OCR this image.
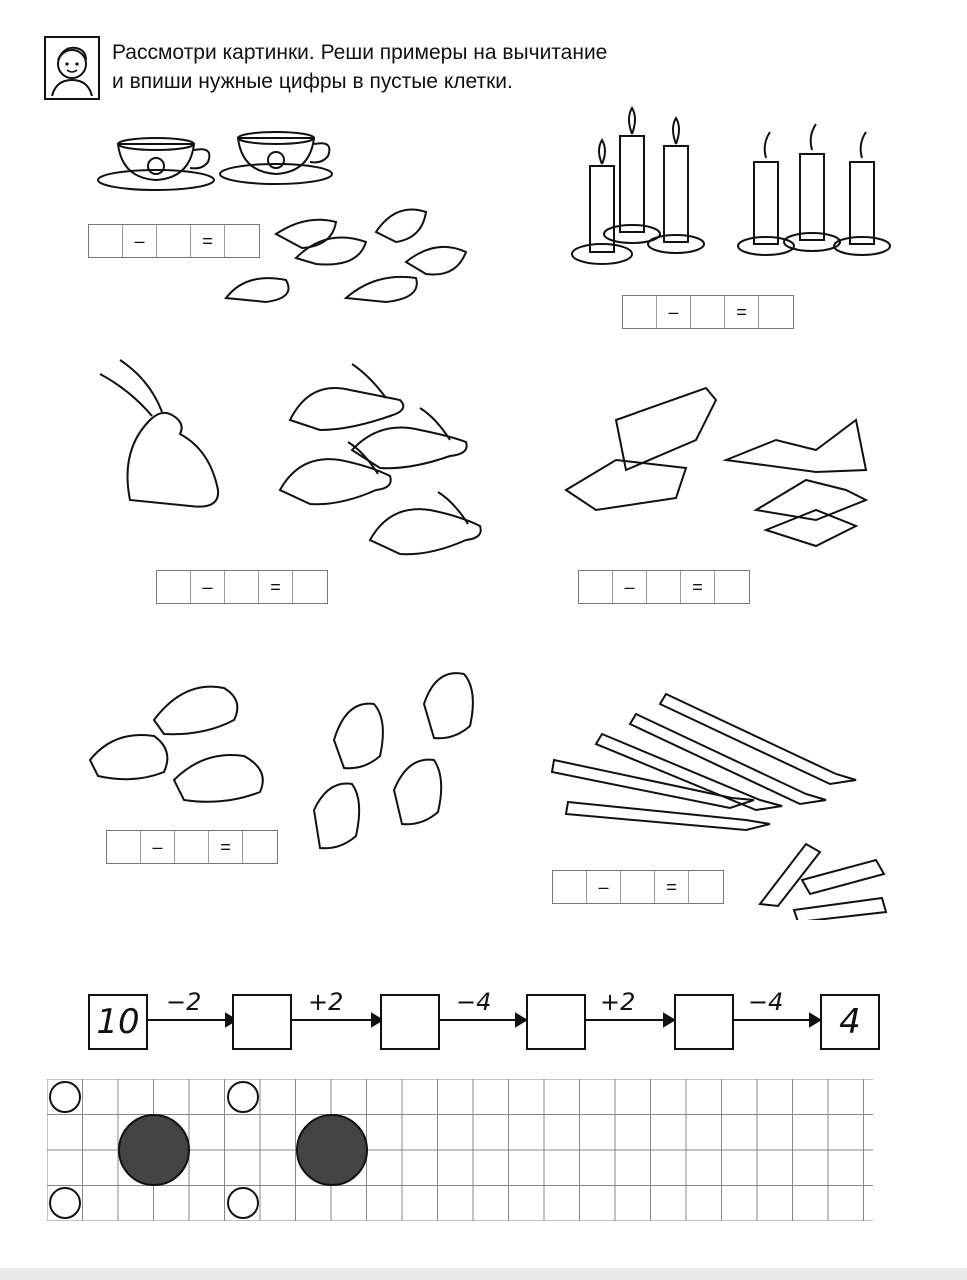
Рассмотри картинки. Реши примеры на вычитание
и впиши нужные цифры в пустые клетки.
–	=
–	=
–	=	–	=
–	=
–	=
10	4
−2	+2	−4	+2	−4
